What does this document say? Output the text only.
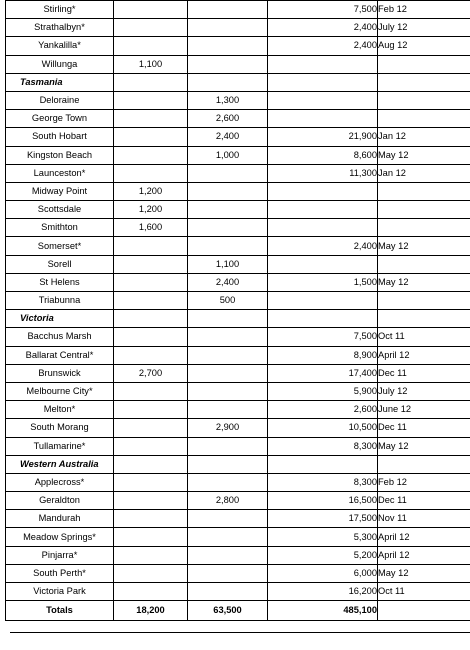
Stirling*			7,500	Feb 12
Strathalbyn*			2,400	July 12
Yankalilla*			2,400	Aug 12
Willunga	1,100			
Tasmania				
Deloraine		1,300		
George Town		2,600		
South Hobart		2,400	21,900	Jan 12
Kingston Beach		1,000	8,600	May 12
Launceston*			11,300	Jan 12
Midway Point	1,200			
Scottsdale	1,200			
Smithton	1,600			
Somerset*			2,400	May 12
Sorell		1,100		
St Helens		2,400	1,500	May 12
Triabunna		500		
Victoria				
Bacchus Marsh			7,500	Oct 11
Ballarat Central*			8,900	April 12
Brunswick	2,700		17,400	Dec 11
Melbourne City*			5,900	July 12
Melton*			2,600	June 12
South Morang		2,900	10,500	Dec 11
Tullamarine*			8,300	May 12
Western Australia				
Applecross*			8,300	Feb 12
Geraldton		2,800	16,500	Dec 11
Mandurah			17,500	Nov 11
Meadow Springs*			5,300	April 12
Pinjarra*			5,200	April 12
South Perth*			6,000	May 12
Victoria Park			16,200	Oct 11
Totals	18,200	63,500	485,100	
